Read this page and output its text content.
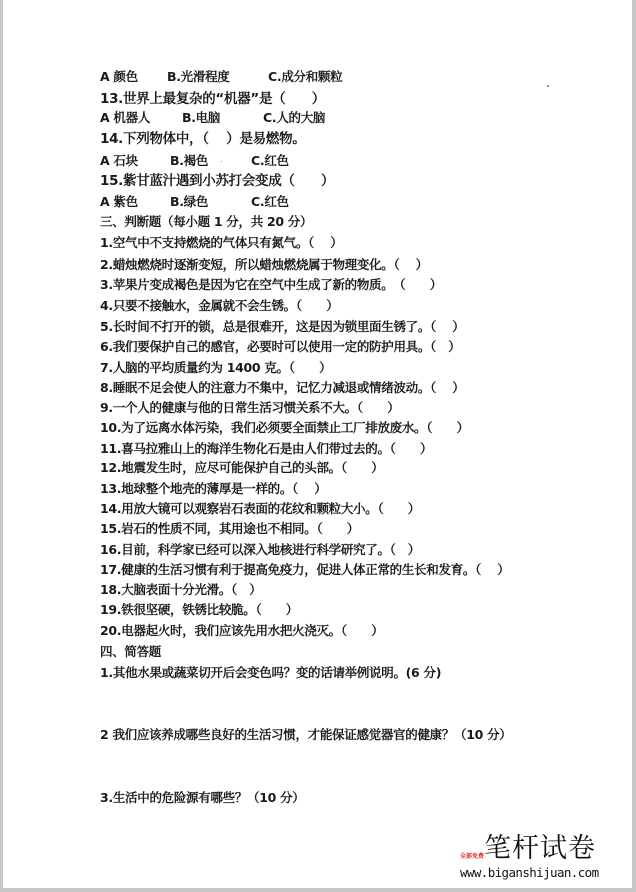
A 颜色	B.光滑程度	C.成分和颗粒
13.世界上最复杂的“机器”是（　　）
A 机器人	B.电脑	C.人的大脑
14.下列物体中，（　 ）是易燃物。
A 石块	B.褐色	C.红色
15.紫甘蓝汁遇到小苏打会变成（　　）
A 紫色	B.绿色	C.红色
三、判断题（每小题 1 分，共 20 分）
1.空气中不支持燃烧的气体只有氮气。（　 ）
2.蜡烛燃烧时逐渐变短，所以蜡烛燃烧属于物理变化。（　 ）
3.苹果片变成褐色是因为它在空气中生成了新的物质。　（　　）
4.只要不接触水，金属就不会生锈。（　　）
5.长时间不打开的锁，总是很难开，这是因为锁里面生锈了。（　 ）
6.我们要保护自己的感官，必要时可以使用一定的防护用具。（　）
7.人脑的平均质量约为 1400 克。（　　）
8.睡眠不足会使人的注意力不集中，记忆力减退或情绪波动。（　 ）
9.一个人的健康与他的日常生活习惯关系不大。（　　）
10.为了远离水体污染，我们必须要全面禁止工厂排放废水。（　　）
11.喜马拉雅山上的海洋生物化石是由人们带过去的。（　　）
12.地震发生时，应尽可能保护自己的头部。（　　）
13.地球整个地壳的薄厚是一样的。（　 ）
14.用放大镜可以观察岩石表面的花纹和颗粒大小。（　　）
15.岩石的性质不同，其用途也不相同。（　　）
16.目前，科学家已经可以深入地核进行科学研究了。（　）
17.健康的生活习惯有利于提高免疫力，促进人体正常的生长和发育。（　 ）
18.大脑表面十分光滑。（　）
19.铁很坚硬，铁锈比较脆。（　　）
20.电器起火时，我们应该先用水把火浇灭。（　　）
四、简答题
1.其他水果或蔬菜切开后会变色吗？变的话请举例说明。(6 分)
2 我们应该养成哪些良好的生活习惯，才能保证感觉器官的健康？（10 分）
3.生活中的危险源有哪些？（10 分）
笔杆试卷
全部免费
www.biganshijuan.com
